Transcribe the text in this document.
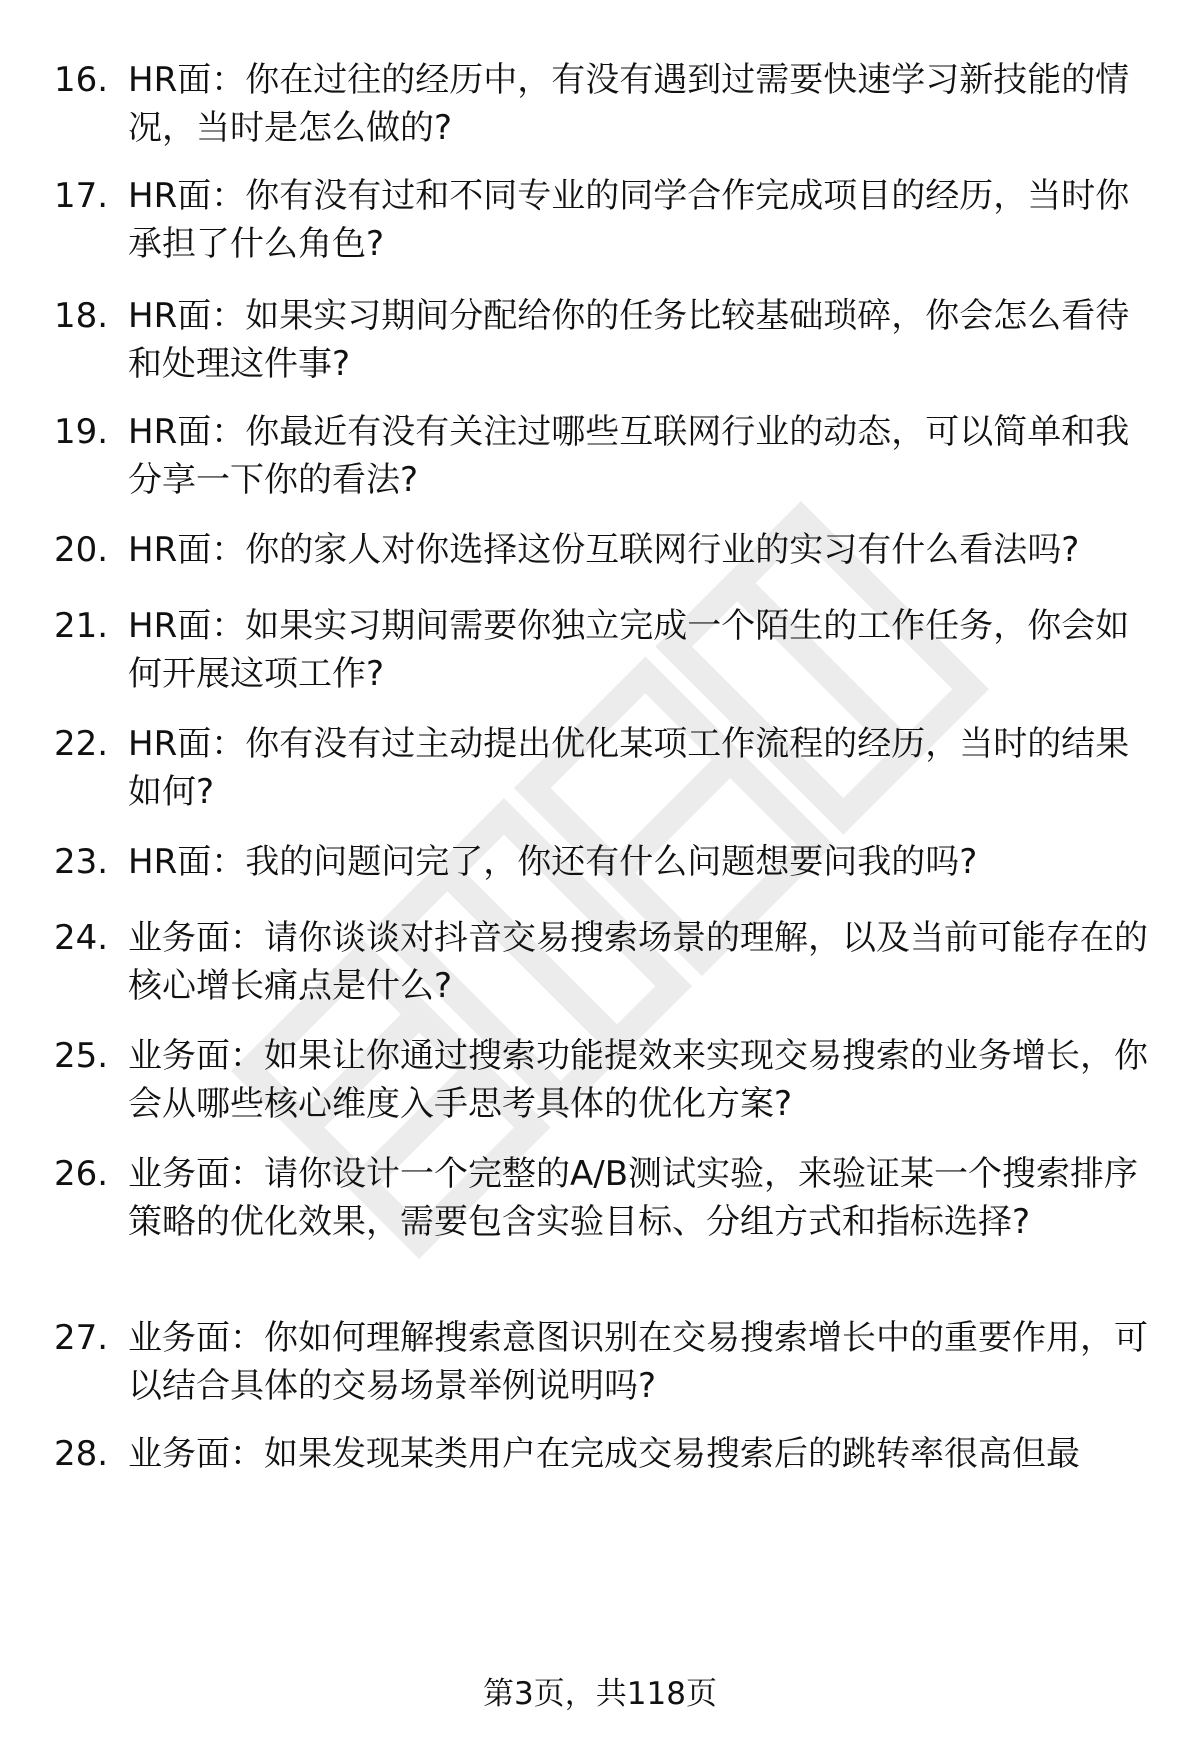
16. HR面：你在过往的经历中，有没有遇到过需要快速学习新技能的情况，当时是怎么做的?
17. HR面：你有没有过和不同专业的同学合作完成项目的经历，当时你承担了什么角色?
18. HR面：如果实习期间分配给你的任务比较基础琐碎，你会怎么看待和处理这件事?
19. HR面：你最近有没有关注过哪些互联网行业的动态，可以简单和我分享一下你的看法?
20. HR面：你的家人对你选择这份互联网行业的实习有什么看法吗?
21. HR面：如果实习期间需要你独立完成一个陌生的工作任务，你会如何开展这项工作?
22. HR面：你有没有过主动提出优化某项工作流程的经历，当时的结果如何?
23. HR面：我的问题问完了，你还有什么问题想要问我的吗?
24. 业务面：请你谈谈对抖音交易搜索场景的理解，以及当前可能存在的核心增长痛点是什么?
25. 业务面：如果让你通过搜索功能提效来实现交易搜索的业务增长，你会从哪些核心维度入手思考具体的优化方案?
26. 业务面：请你设计一个完整的A/B测试实验，来验证某一个搜索排序策略的优化效果，需要包含实验目标、分组方式和指标选择?
27. 业务面：你如何理解搜索意图识别在交易搜索增长中的重要作用，可以结合具体的交易场景举例说明吗?
28. 业务面：如果发现某类用户在完成交易搜索后的跳转率很高但最
第3页，共118页
